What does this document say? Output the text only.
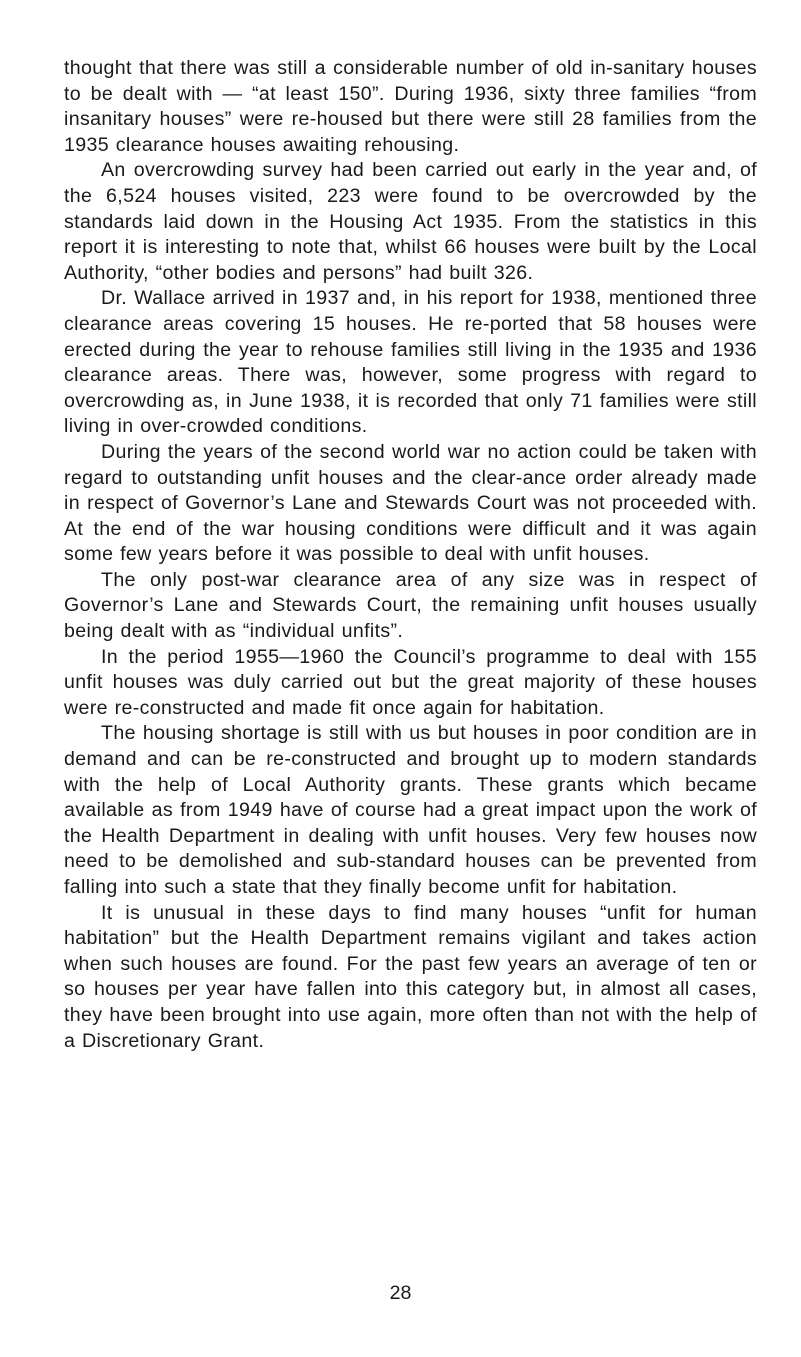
thought that there was still a considerable number of old in-sanitary houses to be dealt with — “at least 150”. During 1936, sixty three families “from insanitary houses” were re-housed but there were still 28 families from the 1935 clearance houses awaiting rehousing.

An overcrowding survey had been carried out early in the year and, of the 6,524 houses visited, 223 were found to be overcrowded by the standards laid down in the Housing Act 1935. From the statistics in this report it is interesting to note that, whilst 66 houses were built by the Local Authority, “other bodies and persons” had built 326.

Dr. Wallace arrived in 1937 and, in his report for 1938, mentioned three clearance areas covering 15 houses. He re-ported that 58 houses were erected during the year to rehouse families still living in the 1935 and 1936 clearance areas. There was, however, some progress with regard to overcrowding as, in June 1938, it is recorded that only 71 families were still living in over-crowded conditions.

During the years of the second world war no action could be taken with regard to outstanding unfit houses and the clear-ance order already made in respect of Governor’s Lane and Stewards Court was not proceeded with. At the end of the war housing conditions were difficult and it was again some few years before it was possible to deal with unfit houses.

The only post-war clearance area of any size was in respect of Governor’s Lane and Stewards Court, the remaining unfit houses usually being dealt with as “individual unfits”.

In the period 1955—1960 the Council’s programme to deal with 155 unfit houses was duly carried out but the great majority of these houses were re-constructed and made fit once again for habitation.

The housing shortage is still with us but houses in poor condition are in demand and can be re-constructed and brought up to modern standards with the help of Local Authority grants. These grants which became available as from 1949 have of course had a great impact upon the work of the Health Department in dealing with unfit houses. Very few houses now need to be demolished and sub-standard houses can be prevented from falling into such a state that they finally become unfit for habitation.

It is unusual in these days to find many houses “unfit for human habitation” but the Health Department remains vigilant and takes action when such houses are found. For the past few years an average of ten or so houses per year have fallen into this category but, in almost all cases, they have been brought into use again, more often than not with the help of a Discretionary Grant.

28
